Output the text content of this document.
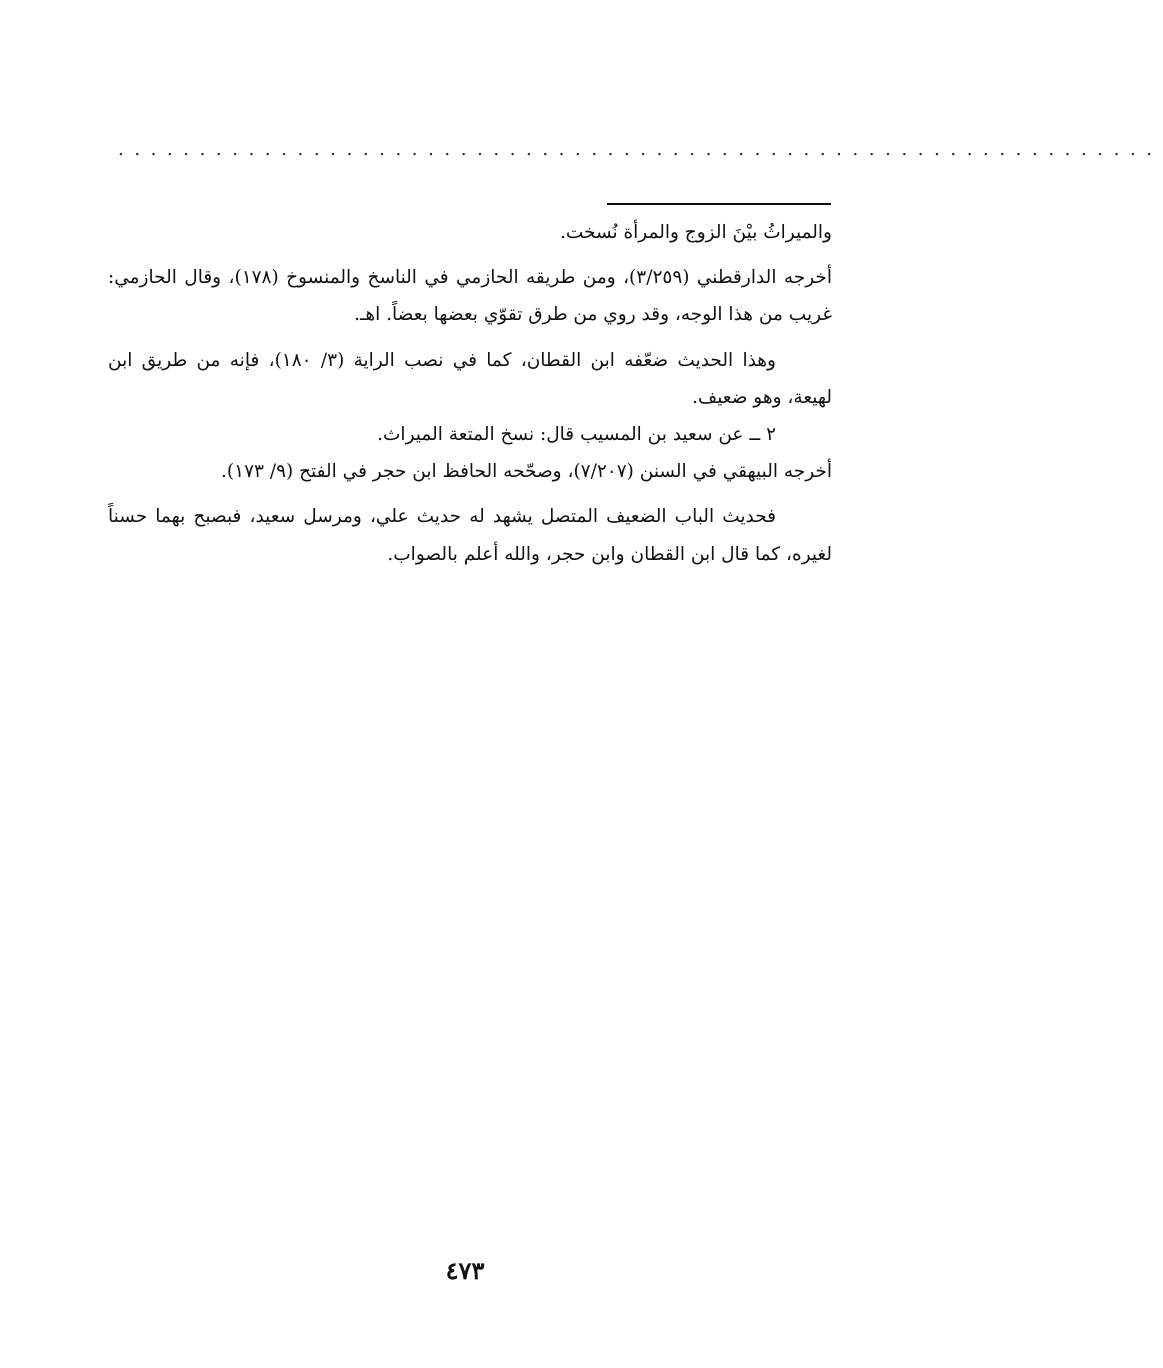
................................................................

والميراثُ بيْنَ الزوج والمرأة نُسخت.

أخرجه الدارقطني (٣/٢٥٩)، ومن طريقه الحازمي في الناسخ والمنسوخ (١٧٨)، وقال الحازمي: غريب من هذا الوجه، وقد روي من طرق تقوّي بعضها بعضاً. اهـ.

وهذا الحديث ضعّفه ابن القطان، كما في نصب الراية (٣/ ١٨٠)، فإنه من طريق ابن لهيعة، وهو ضعيف.

٢ ــ عن سعيد بن المسيب قال: نسخ المتعة الميراث.

أخرجه البيهقي في السنن (٧/٢٠٧)، وصحّحه الحافظ ابن حجر في الفتح (٩/ ١٧٣).

فحديث الباب الضعيف المتصل يشهد له حديث علي، ومرسل سعيد، فبصبح بهما حسناً لغيره، كما قال ابن القطان وابن حجر، والله أعلم بالصواب.

٤٧٣
